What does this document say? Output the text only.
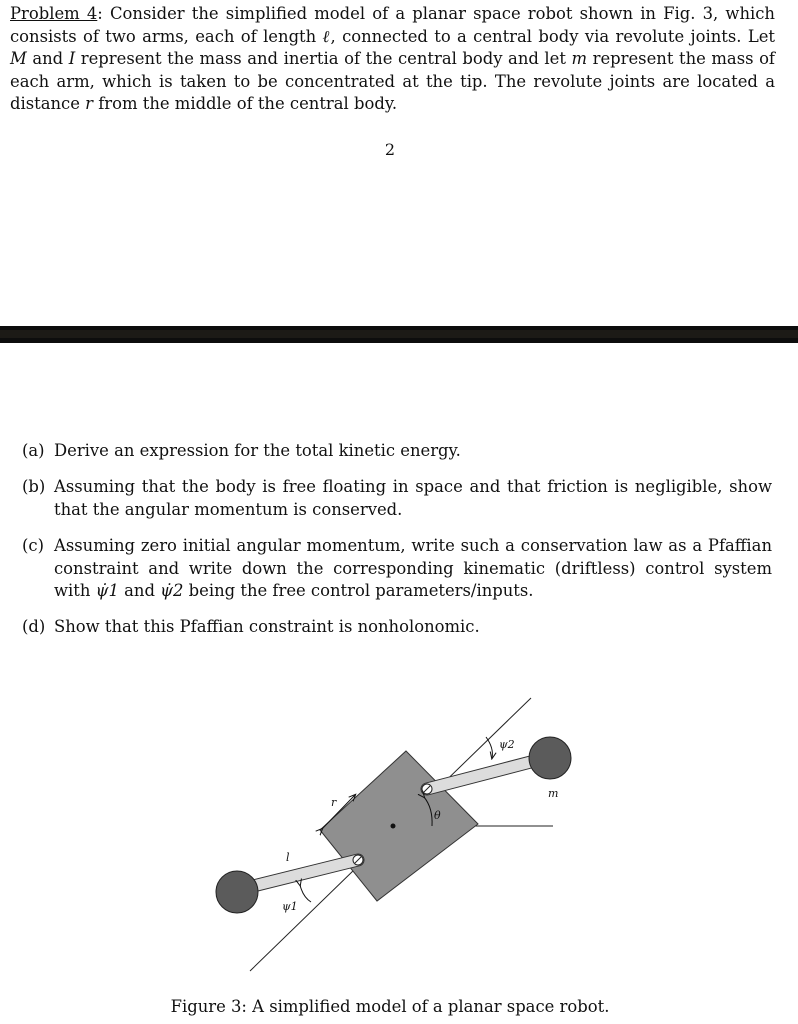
Problem 4: Consider the simplified model of a planar space robot shown in Fig. 3, which consists of two arms, each of length ℓ, connected to a central body via revolute joints. Let M and I represent the mass and inertia of the central body and let m represent the mass of each arm, which is taken to be concentrated at the tip. The revolute joints are located a distance r from the middle of the central body.

2
(a) Derive an expression for the total kinetic energy.
(b) Assuming that the body is free floating in space and that friction is negligible, show that the angular momentum is conserved.
(c) Assuming zero initial angular momentum, write such a conservation law as a Pfaffian constraint and write down the corresponding kinematic (driftless) control system with ψ̇1 and ψ̇2 being the free control parameters/inputs.
(d) Show that this Pfaffian constraint is nonholonomic.
ψ2
m
r
θ
l
ψ1
Figure 3: A simplified model of a planar space robot.
